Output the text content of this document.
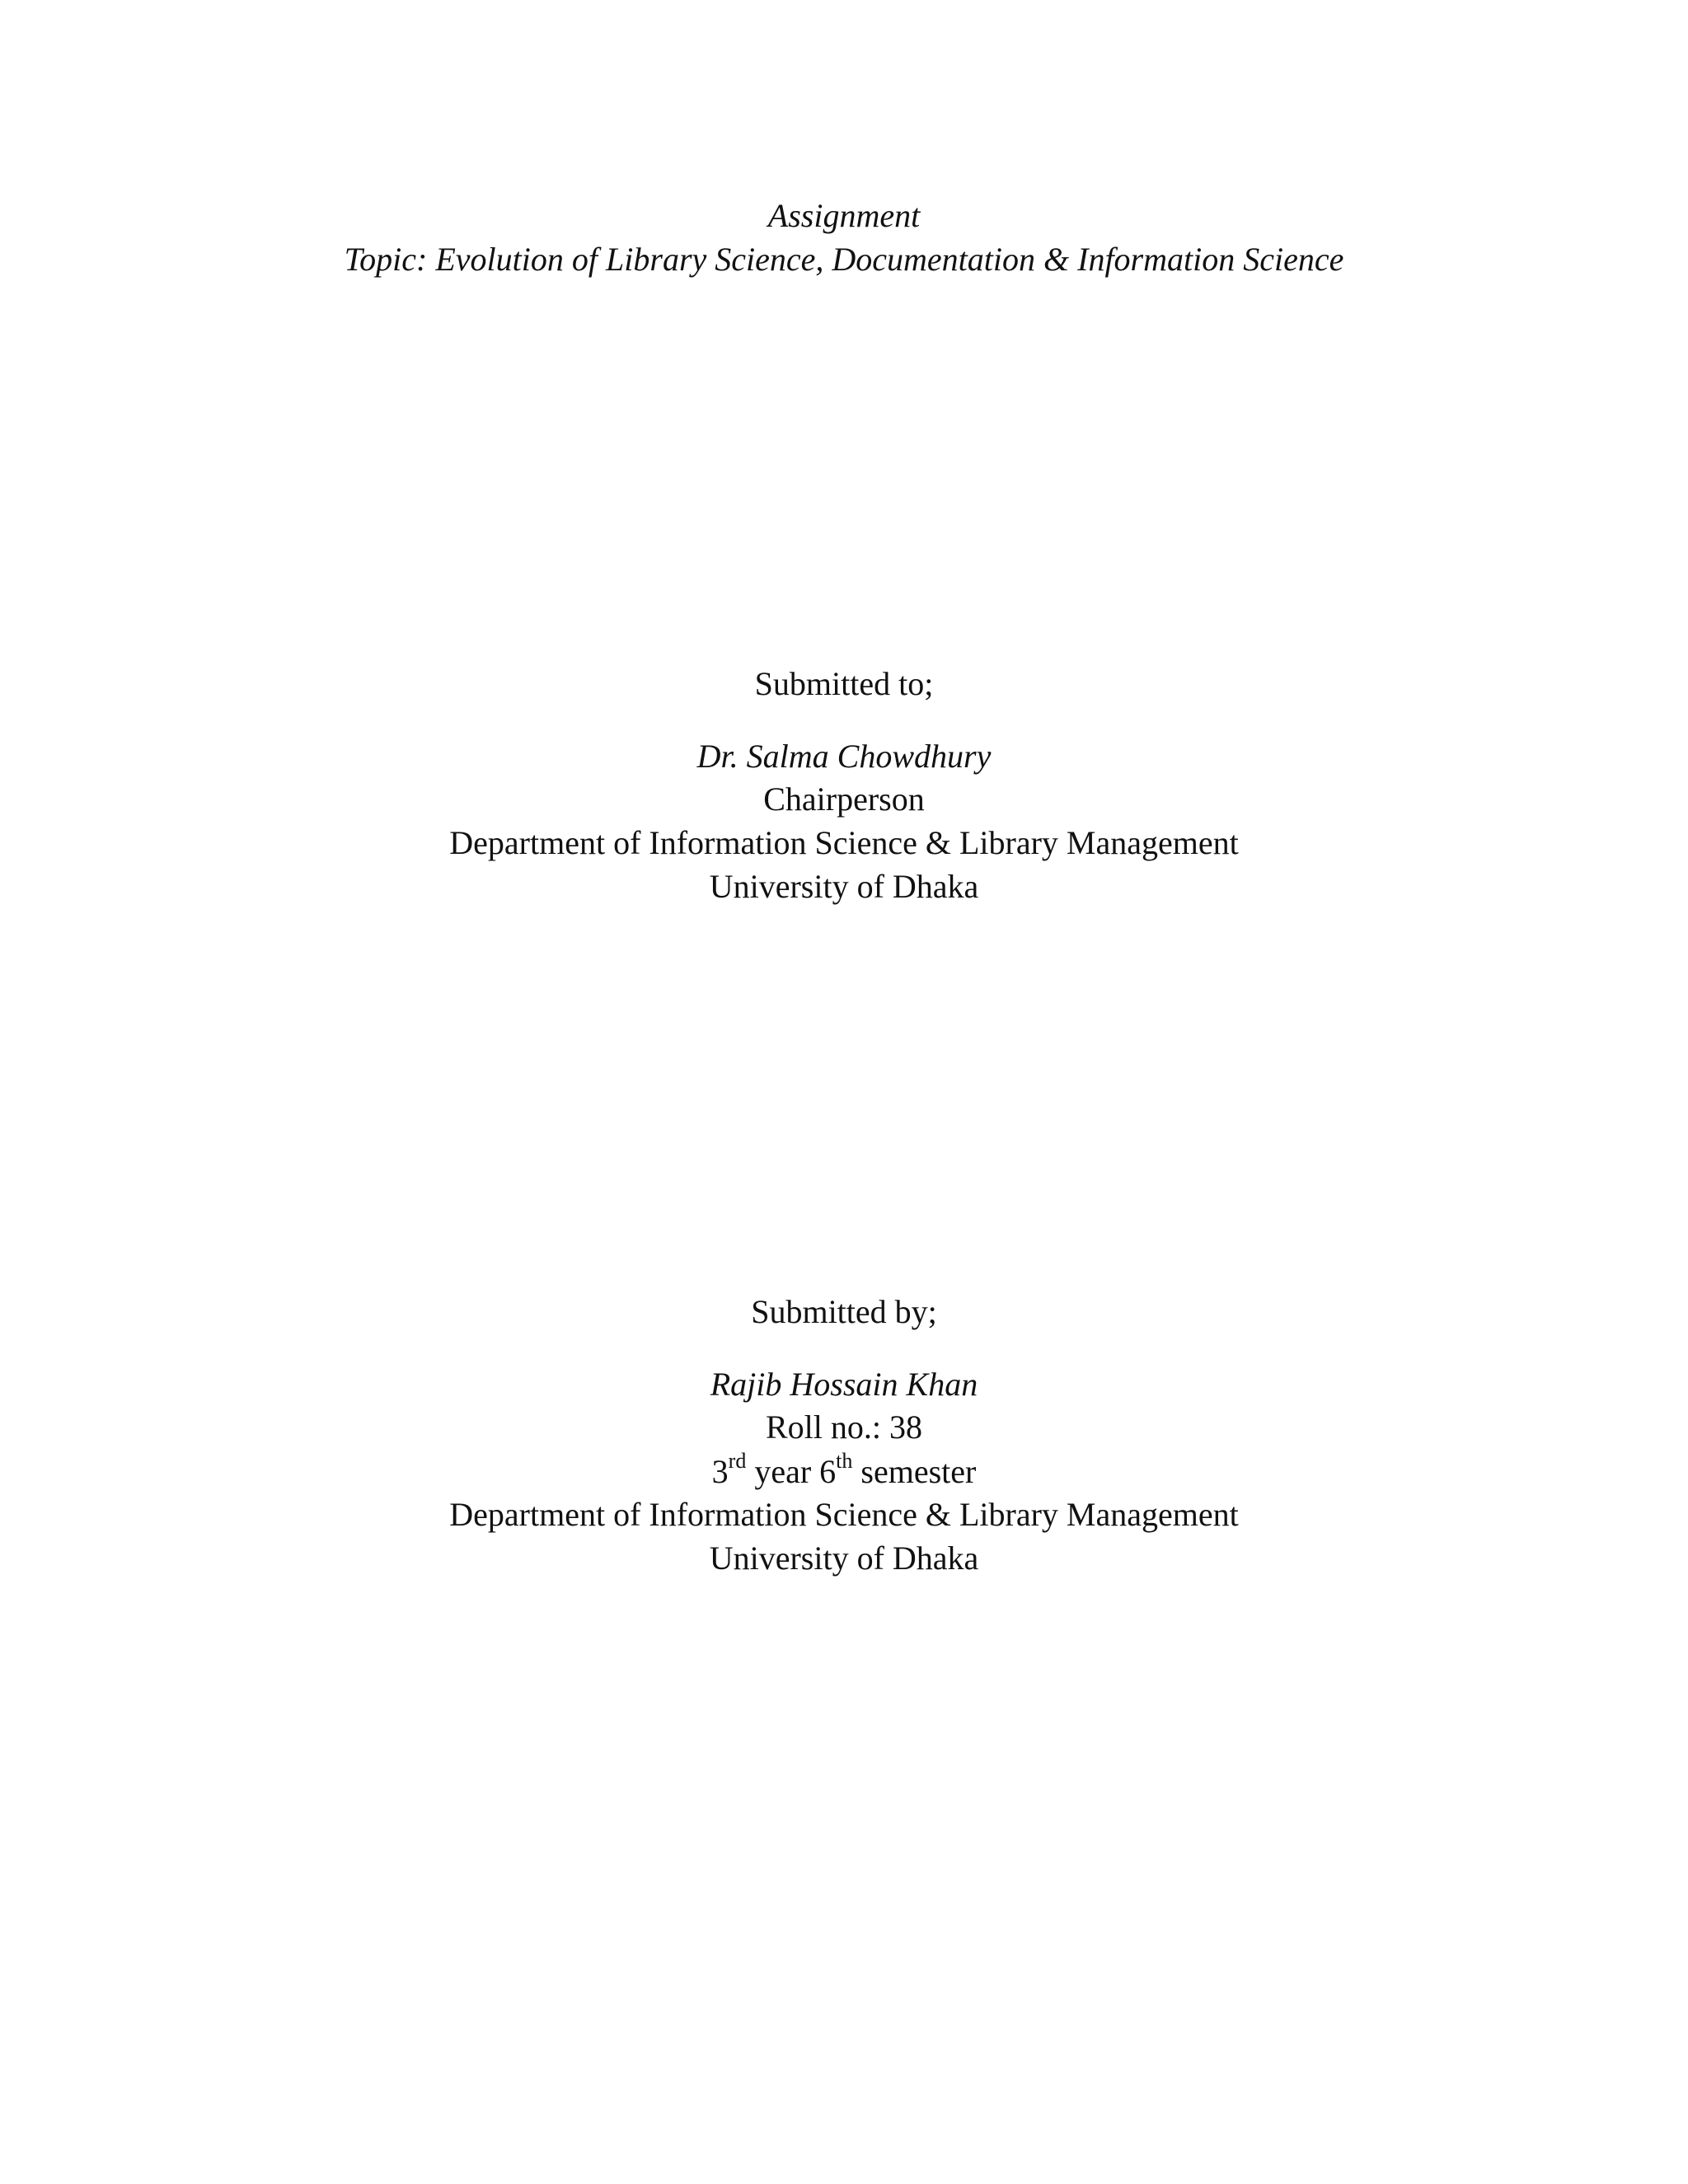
Assignment
Topic: Evolution of Library Science, Documentation & Information Science
Submitted to;
Dr. Salma Chowdhury
Chairperson
Department of Information Science & Library Management
University of Dhaka
Submitted by;
Rajib Hossain Khan
Roll no.: 38
3rd year 6th semester
Department of Information Science & Library Management
University of Dhaka
